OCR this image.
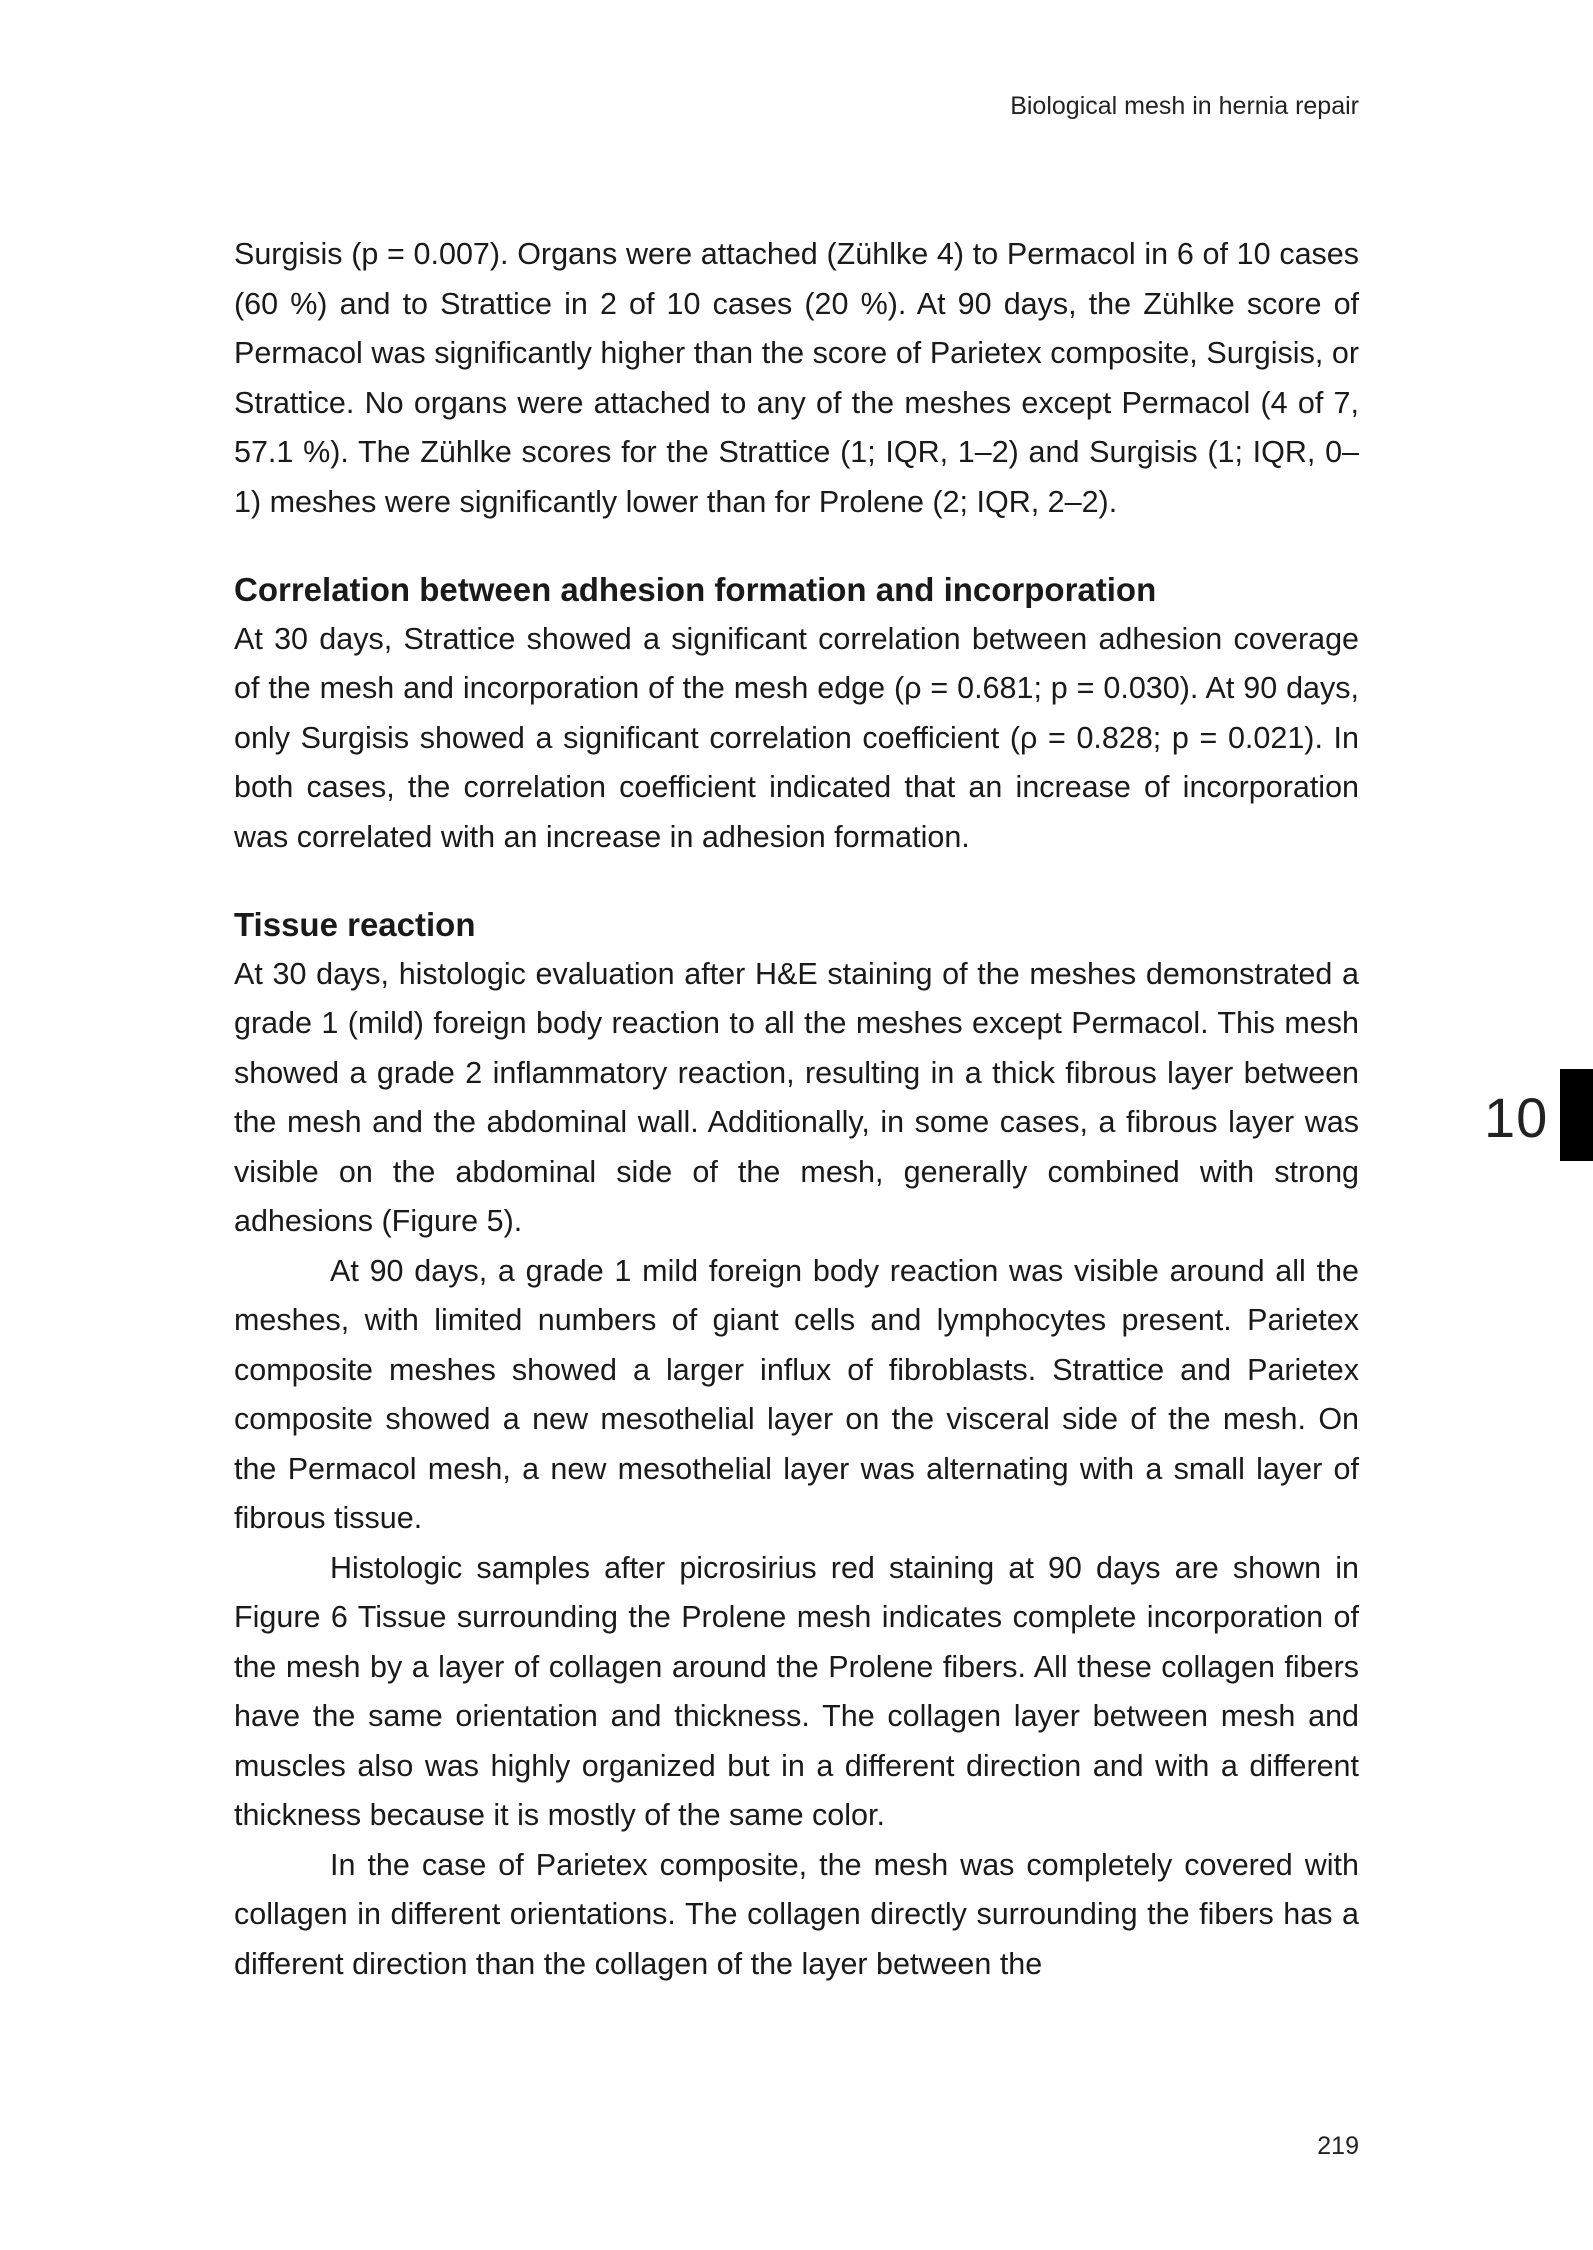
Biological mesh in hernia repair

Surgisis (p = 0.007). Organs were attached (Zühlke 4) to Permacol in 6 of 10 cases (60 %) and to Strattice in 2 of 10 cases (20 %). At 90 days, the Zühlke score of Permacol was significantly higher than the score of Parietex composite, Surgisis, or Strattice. No organs were attached to any of the meshes except Permacol (4 of 7, 57.1 %). The Zühlke scores for the Strattice (1; IQR, 1–2) and Surgisis (1; IQR, 0–1) meshes were significantly lower than for Prolene (2; IQR, 2–2).

Correlation between adhesion formation and incorporation

At 30 days, Strattice showed a significant correlation between adhesion coverage of the mesh and incorporation of the mesh edge (ρ = 0.681; p = 0.030). At 90 days, only Surgisis showed a significant correlation coefficient (ρ = 0.828; p = 0.021). In both cases, the correlation coefficient indicated that an increase of incorporation was correlated with an increase in adhesion formation.

Tissue reaction

At 30 days, histologic evaluation after H&E staining of the meshes demonstrated a grade 1 (mild) foreign body reaction to all the meshes except Permacol. This mesh showed a grade 2 inflammatory reaction, resulting in a thick fibrous layer between the mesh and the abdominal wall. Additionally, in some cases, a fibrous layer was visible on the abdominal side of the mesh, generally combined with strong adhesions (Figure 5).

At 90 days, a grade 1 mild foreign body reaction was visible around all the meshes, with limited numbers of giant cells and lymphocytes present. Parietex composite meshes showed a larger influx of fibroblasts. Strattice and Parietex composite showed a new mesothelial layer on the visceral side of the mesh. On the Permacol mesh, a new mesothelial layer was alternating with a small layer of fibrous tissue.

Histologic samples after picrosirius red staining at 90 days are shown in Figure 6 Tissue surrounding the Prolene mesh indicates complete incorporation of the mesh by a layer of collagen around the Prolene fibers. All these collagen fibers have the same orientation and thickness. The collagen layer between mesh and muscles also was highly organized but in a different direction and with a different thickness because it is mostly of the same color.

In the case of Parietex composite, the mesh was completely covered with collagen in different orientations. The collagen directly surrounding the fibers has a different direction than the collagen of the layer between the

10
219
